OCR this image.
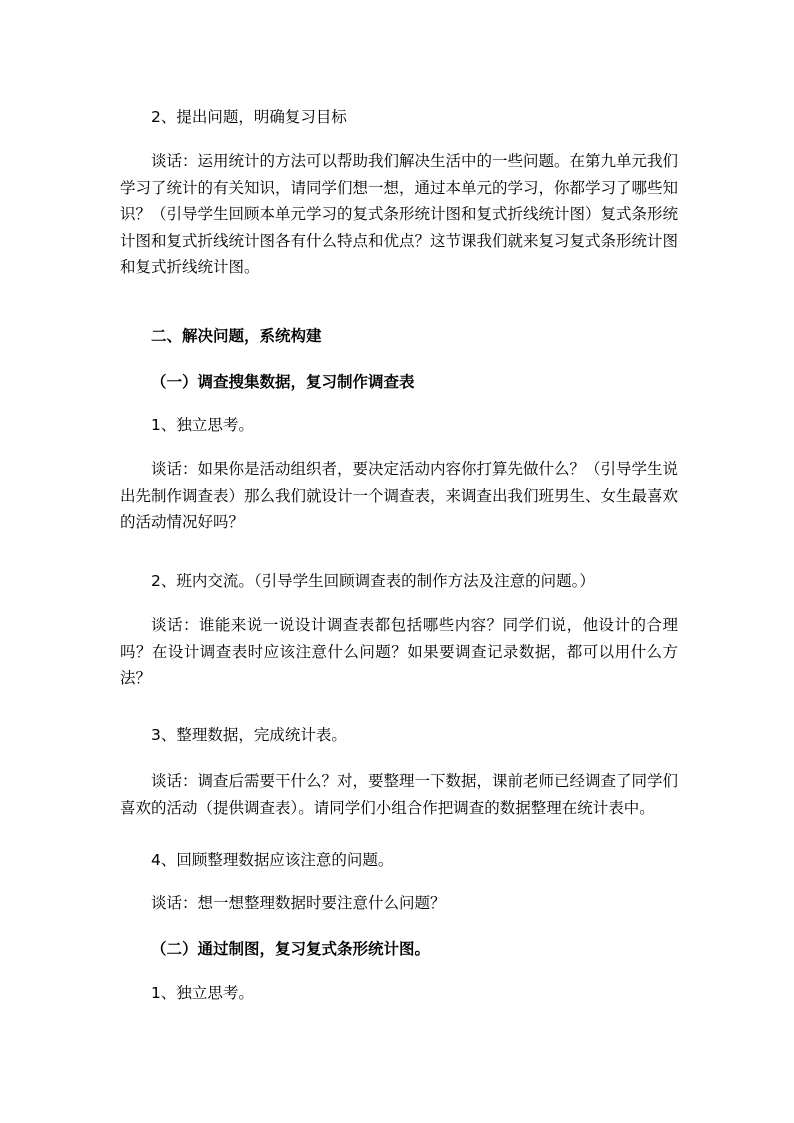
2、提出问题，明确复习目标
谈话：运用统计的方法可以帮助我们解决生活中的一些问题。在第九单元我们学习了统计的有关知识，请同学们想一想，通过本单元的学习，你都学习了哪些知识？（引导学生回顾本单元学习的复式条形统计图和复式折线统计图）复式条形统计图和复式折线统计图各有什么特点和优点？这节课我们就来复习复式条形统计图和复式折线统计图。
二、解决问题，系统构建
（一）调查搜集数据，复习制作调查表
1、独立思考。
谈话：如果你是活动组织者，要决定活动内容你打算先做什么？（引导学生说出先制作调查表）那么我们就设计一个调查表，来调查出我们班男生、女生最喜欢的活动情况好吗？
2、班内交流。（引导学生回顾调查表的制作方法及注意的问题。）
谈话：谁能来说一说设计调查表都包括哪些内容？同学们说，他设计的合理吗？在设计调查表时应该注意什么问题？如果要调查记录数据，都可以用什么方法？
3、整理数据，完成统计表。
谈话：调查后需要干什么？对，要整理一下数据，课前老师已经调查了同学们喜欢的活动（提供调查表）。请同学们小组合作把调查的数据整理在统计表中。
4、回顾整理数据应该注意的问题。
谈话：想一想整理数据时要注意什么问题？
（二）通过制图，复习复式条形统计图。
1、独立思考。
